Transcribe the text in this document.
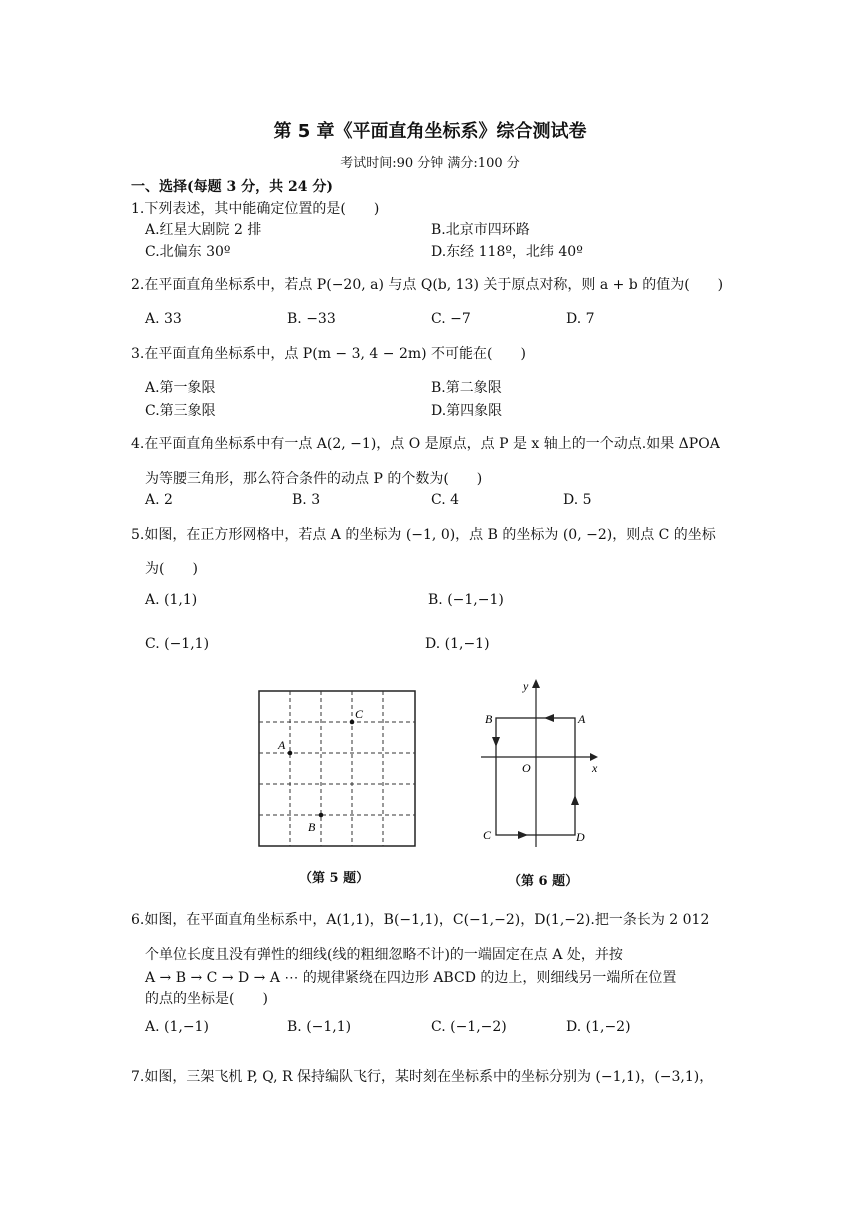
第 5 章《平面直角坐标系》综合测试卷
考试时间:90 分钟 满分:100 分
一、选择(每题 3 分，共 24 分)
1.下列表述，其中能确定位置的是(　　)
A.红星大剧院 2 排	B.北京市四环路
C.北偏东 30º	D.东经 118º，北纬 40º
2.在平面直角坐标系中，若点 P(−20, a) 与点 Q(b, 13) 关于原点对称，则 a + b 的值为(　　)
A. 33	B. −33	C. −7	D. 7
3.在平面直角坐标系中，点 P(m − 3, 4 − 2m) 不可能在(　　)
A.第一象限	B.第二象限
C.第三象限	D.第四象限
4.在平面直角坐标系中有一点 A(2, −1)，点 O 是原点，点 P 是 x 轴上的一个动点.如果 ΔPOA
为等腰三角形，那么符合条件的动点 P 的个数为(　　)
A. 2	B. 3	C. 4	D. 5
5.如图，在正方形网格中，若点 A 的坐标为 (−1, 0)，点 B 的坐标为 (0, −2)，则点 C 的坐标
为(　　)
A. (1,1)	B. (−1,−1)
C. (−1,1)	D. (1,−1)
C
A
B
（第 5 题）
B	A
C	D
O	x
y
（第 6 题）
6.如图，在平面直角坐标系中，A(1,1)，B(−1,1)，C(−1,−2)，D(1,−2).把一条长为 2 012
个单位长度且没有弹性的细线(线的粗细忽略不计)的一端固定在点 A 处，并按
A → B → C → D → A ⋯ 的规律紧绕在四边形 ABCD 的边上，则细线另一端所在位置
的点的坐标是(　　)
A. (1,−1)	B. (−1,1)	C. (−1,−2)	D. (1,−2)
7.如图，三架飞机 P, Q, R 保持编队飞行，某时刻在坐标系中的坐标分别为 (−1,1)，(−3,1)，
